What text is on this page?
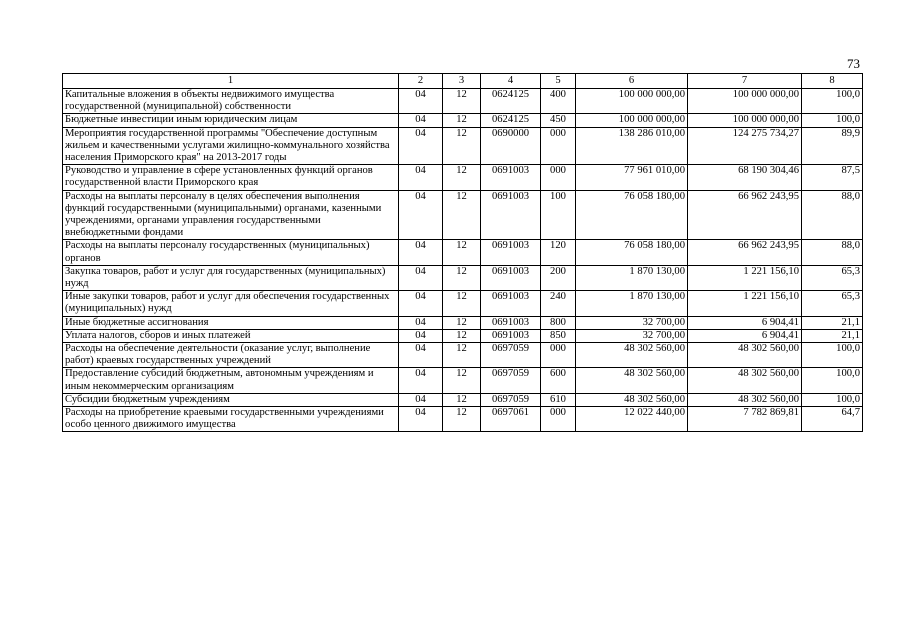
73
1	2	3	4	5	6	7	8
Капитальные вложения в объекты недвижимого имущества государственной (муниципальной) собственности	04	12	0624125	400	100 000 000,00	100 000 000,00	100,0
Бюджетные инвестиции иным юридическим лицам	04	12	0624125	450	100 000 000,00	100 000 000,00	100,0
Мероприятия государственной программы "Обеспечение доступным жильем и качественными услугами жилищно-коммунального хозяйства населения Приморского края" на 2013-2017 годы	04	12	0690000	000	138 286 010,00	124 275 734,27	89,9
Руководство и управление в сфере установленных функций органов государственной власти Приморского края	04	12	0691003	000	77 961 010,00	68 190 304,46	87,5
Расходы на выплаты персоналу в целях обеспечения выполнения функций государственными (муниципальными) органами, казенными учреждениями, органами управления государственными внебюджетными фондами	04	12	0691003	100	76 058 180,00	66 962 243,95	88,0
Расходы на выплаты персоналу государственных (муниципальных) органов	04	12	0691003	120	76 058 180,00	66 962 243,95	88,0
Закупка товаров, работ и услуг для государственных (муниципальных) нужд	04	12	0691003	200	1 870 130,00	1 221 156,10	65,3
Иные закупки товаров, работ и услуг для обеспечения государственных (муниципальных) нужд	04	12	0691003	240	1 870 130,00	1 221 156,10	65,3
Иные бюджетные ассигнования	04	12	0691003	800	32 700,00	6 904,41	21,1
Уплата налогов, сборов и иных платежей	04	12	0691003	850	32 700,00	6 904,41	21,1
Расходы на обеспечение деятельности (оказание услуг, выполнение работ) краевых государственных учреждений	04	12	0697059	000	48 302 560,00	48 302 560,00	100,0
Предоставление субсидий бюджетным, автономным учреждениям и иным некоммерческим организациям	04	12	0697059	600	48 302 560,00	48 302 560,00	100,0
Субсидии бюджетным учреждениям	04	12	0697059	610	48 302 560,00	48 302 560,00	100,0
Расходы на приобретение краевыми государственными учреждениями особо ценного движимого имущества	04	12	0697061	000	12 022 440,00	7 782 869,81	64,7
